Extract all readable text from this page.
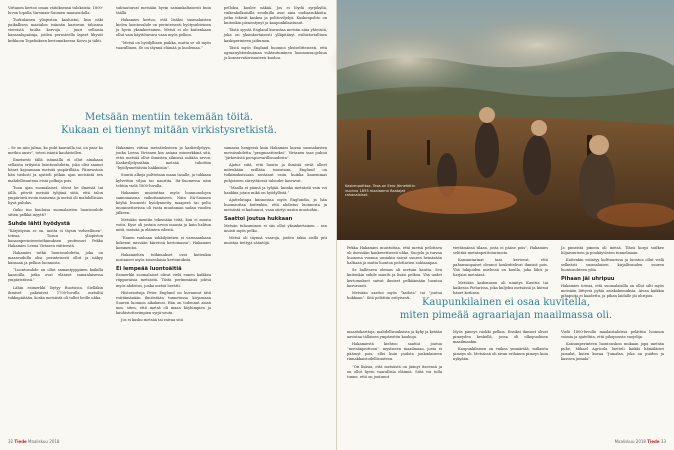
Virtanen kertoo oman väitöksensä tuloksista: 1800-luvun lopulla Varsinais-Suomen maaseudulla.

Turkulainen yliopiston kauhistui, kun näki paikallisen maatalon isännän kastavan taloansa viereistä tuulta korvoja – juuri sellaisia kansanlupaisuja, joiden perusteella lapset lihyvät kirkkoon Topeliuksen kertomuksessa Koivu ja tähti.

suhtautuivat metsään hyvin samankaltaisesti kuin täällä.

Hakamies kertoo, että lisäksi suomalaisten kielen luontosuhde on perinteisesti hyötysuhteinen ja hyvin yksinkertainen. Metsä ei ole kuitenkaan ollut vain käyttötavara vaan myös pelkoa.

”Metsä on hyödyllinen paikka, mutta se oli myös vaarallinen. Se on täynnä elämää ja kuolemaa.”

pelloksi, kuulee näkää. Jos ei löydä syrjäkyliä, vaikeakulkuisilla seuduilla asui aina uudisasukkaita, jotka tekivät kaskea ja polttoviljelyä. Kaskenpoltto on kuitenkin pienentynyt ja kaupunkilaistunut.

Tästä syystä England kuvastaa metsän aina yhteisöä, joka on yksinkertaisesti ylläpitänyt esihistoriallisen kaskiperinteen jatkumon.

Tästä myös England huomioi yksiselitteisesti, että agraariyhteiskunnan suhtautuminen luonnonsuojeluun ja konservatiivisuuteen kuuluu.

Metsään mentiin tekemään töitä.
Kukaan ei tiennyt mitään virkistysretkistä.

– Se on niin julma, ko pukt kaavailla tai, on paar ko methin ansiv”, totesi isäntä kauhistellen.

Ilmeisesti tällä isännällä ei ollut ainakaan sellaista erityistä luontosuhdetta, joka olisi saanut hänet kajoamaan metsää ympärillään. Päinvastoin hän tiedosti ja ajatteli pitkän ajan metsästä sen mahdollisuutena etsiä polkuja pois.

Tuon ajan suomalaiset, olivat he ilmeisiä tai iällä, pitivät metsää tyhjänä siitä, että talon ympäröivä avoin maisema ja metsä oli mahdollisuus hyvä puhdas.

Onko tuo kuuluisa suomalaisten luontosuhde sitten pelkkä myytti?

Suhde lähti hyödystä

”Kärjistyisin se on, mutta ei täysin virheellinen”, toteaa Turun yliopiston kansanperinteentutkimuksen professori Pekka Hakamies Leena Virtasen väitteestä.

Hakamies tutkii luontosuhdetta, joka on maaseudulla olisi perinteisesti ollut ja näkyy kansaan ja pelkoa luonnosta.

”Luontosuhde on ollut samantyyppinen kaikilla kansoilla, jotka ovat eläneet samanlaisessa ympäristössä.”

Lähin esimerkki löytyy Ruotsista. Sielläkin ihmiset pakenivat 1700-luvulla metsiltä tukkupäitään, koska metsästä oli tullut heille uhka.

Hakamies viittaa metsäteksteen ja kaskiviljelyyn, jonka Leena Virtanen kin asiana esimerkkinä sitä, ettei metsää ollut ihmisten silmissä mitään arvoa. Kaskiviljelyssähän metsää tuhottiin ”hyödynnettäviin hakkuisiin”.

Suurin alkeja polttetaan maan tasalle, ja tuhkaan kylvettiin viljaa tai nauriita. Itä-Suomessa näin tehtiin vielä 1800-luvulla.

Hakamies muistuttaa myös luonnonolojen samoinasena vaikuttamiseen. Näin Itä-Suomen köyhä huonosti hyödynnetty maaperä tai pelto muunnettavissa oli vasta muutaman sadan vuoden jälkeen.

Metsään mentiin tekemään töitä, kun ei muuta voitu. Kyse oli jostain arvon maasta ja kuin halitun mitä, metsää ja eläinten edestä.

”Ennen vanhaan tukkilyöntien ei varmaankaan kokenut missään kiireissä kertomassa", Hakamies kommentoi.

Hakamiehen tutkimukset ovat kuitenkin nostaneet myös toisenlaisia kertomuksia.

Ei lempeää luontoäitiä

Esimerkki suomalaiset olivat vielä ennen kaikkea riippuvaisia metsästä. Tästä perimmäisiä johtui myös ahdistus, jonka metsä herätti.

Historioitsija Peter Englund on kuvannut tätä esittämänään ilmiöstään tunnetussa kirjassaan Suuren luonnon aikakausi. Hän on todennut asian mm. siten, että metsä oli maan köyhimpien ja kauhistuttavimpien syrjä-seutu.

Jos ei kasku metsää tai raivaa sitä

samassa hengessä kuin Hakamies kuvaa suomalaisten metsäsuhdetta ”pragmaattiseksi”. Virtanen taas puhuu ”järkevästä porsporvarillisuudesta”.

Ajatus siitä, että luonto ja ihmisiä eivät olleet mitenkään erillään toisistaan, Englund on tutkimuksissaan nostanut esiin, kuinka kauemmas pohjoiseen siirryttäessä taloudet kasvavat.

”Maalla ei pännä ja tyhjää, kuinka metsästä vain voi hankkia jotain mikä on hyödyllistä.”

Ajattelutapa kiinnostaa myös Englundia, ja hän huomauttaa kuitenkin, että ahdistus luonnosta ja metsästä ei kadonnut, vaan siirtyi uusiin muotoihin.

Saattoi joutua hukkaan

Metsän tuhoaminen ei siis ollut yksinkertainen – sen muisti myös pelko.

Metsä oli täynnä vaaroja, joiden takia siellä piti muistaa tiettyjä sääntöjä.

32 Tiede Maaliskuu 2018
Kaskenpolttoa. Teos on Eero Järnefeltin vuonna 1893 maalaama Raatajat rahanalaiset.

Pekka Hakamies muistuttaa, että metsä pelottava oli itsessään konkreettisesti uhka. Suojelu ja turvan huonona vuonna uusiakin saivat suuren heinäsään haltiaan ja mutta luontoa pelottavien suhtaanpaa.

Se hallitseva olemus oli metsän kautta. Sen kuitenkin suhde muutti ja lisäsi pelkoa. Yhä uudet kertomukset saivat ihmiset pelkäämään luontoa kasvavasti.

Metsään saattoi myös ”kadota” tai ”joutua hukkaan”. Sitä pelättiin erityisesti.

viettämässä tilaan, josta ei pääse pois”, Hakamies selittää metsänpeittotarinoita.

Kansantarinat taas kertovat, että pahansuopaiset olennot houkuttelivat ihmisiä pois. Yhä lukijoiden mielessä on kuulla, joka lähti ja harjaisi metsässä.

Metsään kadonneen oli nimitys Kuuttia tai kaikessa Pietarissa, joka kuljeksi metsässä ja kutsui hänet kotiinsa.

Ja pimeistä pimein oli metsä. Tiheä korpi suifkee hiljaisuuteen ja puukäytösten tunnelmaan.

Kuitenkin esiintyy kulttuurissa ja luontoa ollut vielä selkeästi suomalaisen kirjallisuuden suuren luontosuhteen ydin.

Pihaan jäi uhripuu

Hakamies toteaa, että suomalaisilla on ollut silti myös metsään liittyviä pyhiä asiakokemuksia. Aivan kaikkia pihapuita ei kaadettu, ja pihan laidalle jäi uhripuu.

Kaupunkilainen ei osaa kuvitella,
miten pimeää agraariajan maailmassa oli.

maastokarttoja, mahdollisuuksista ja kyky ja ketään aavistaa tällaisen ympäristön kauhuja.

Hakamiestä kiehtoo saattoi joutua ”metsänpeittoon”, mystiseen maailmaan, josta ei päässyt pois, ellei kuin pudota jonkinlaiseen rinnakkaistodellisuuteen.

”On lisäsia, että metsästä on jäänyt itseensä ja on ollut hyvin vaarallisia eläimiä. Siitä voi tulla tunne, että on joutunut

Myös pimeys raokki pelkoa. Ensiksi ihmiset olivat pimeyden keskellä, jossa oli ulkopuolinen maailmankin.

Kaupunkilaisen on vaikea ymmärtää, millaista pimeys oli. Metsässä oli aivan erilainen pimeys kuin nykyään.

Vielä 1800-luvulla maalaistaloissa pelättiin luonnon voimia ja ajateltiin, että pihapuusta suojelija.

Kansanperinteen luontouskon mukaan jopa metsän puhe, Mikael Agricola luetteli kaikki hämäläiset jumalat, kuten kuvaa ”Jumalaa, joka on puiden ja kasvien jumala”.

Maaliskuu 2018 Tiede 33
